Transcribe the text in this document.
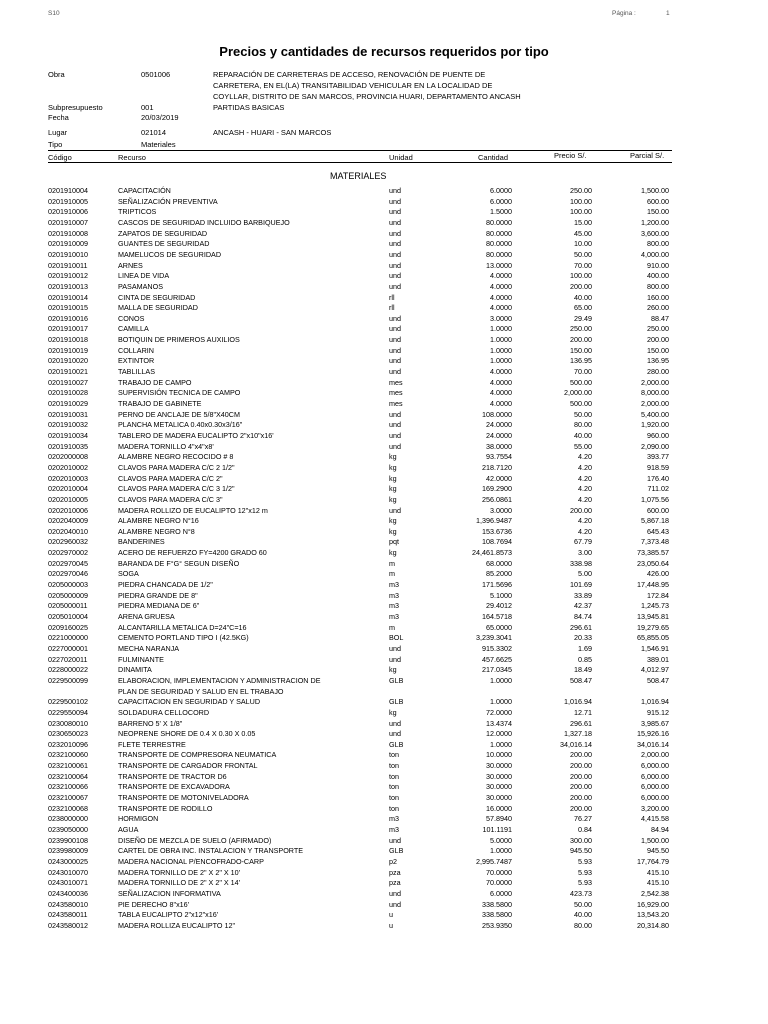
S10	Página :	1
Precios y cantidades de recursos requeridos por tipo
Obra	0501006	REPARACIÓN DE CARRETERAS DE ACCESO, RENOVACIÓN DE PUENTE DE
CARRETERA, EN EL(LA) TRANSITABILIDAD VEHICULAR EN LA LOCALIDAD DE
COYLLAR, DISTRITO DE SAN MARCOS, PROVINCIA HUARI, DEPARTAMENTO ANCASH
Subpresupuesto	001	PARTIDAS BASICAS
Fecha	20/03/2019
Lugar	021014	ANCASH - HUARI - SAN MARCOS
Tipo	Materiales
Código	Recurso	Unidad	Cantidad	Precio S/.	Parcial S/.
MATERIALES
0201910004	CAPACITACIÓN	und	6.0000	250.00	1,500.00
0201910005	SEÑALIZACIÓN PREVENTIVA	und	6.0000	100.00	600.00
0201910006	TRIPTICOS	und	1.5000	100.00	150.00
0201910007	CASCOS DE SEGURIDAD INCLUIDO BARBIQUEJO	und	80.0000	15.00	1,200.00
0201910008	ZAPATOS DE SEGURIDAD	und	80.0000	45.00	3,600.00
0201910009	GUANTES DE SEGURIDAD	und	80.0000	10.00	800.00
0201910010	MAMELUCOS DE SEGURIDAD	und	80.0000	50.00	4,000.00
0201910011	ARNES	und	13.0000	70.00	910.00
0201910012	LINEA DE VIDA	und	4.0000	100.00	400.00
0201910013	PASAMANOS	und	4.0000	200.00	800.00
0201910014	CINTA DE SEGURIDAD	rll	4.0000	40.00	160.00
0201910015	MALLA DE SEGURIDAD	rll	4.0000	65.00	260.00
0201910016	CONOS	und	3.0000	29.49	88.47
0201910017	CAMILLA	und	1.0000	250.00	250.00
0201910018	BOTIQUIN DE PRIMEROS AUXILIOS	und	1.0000	200.00	200.00
0201910019	COLLARIN	und	1.0000	150.00	150.00
0201910020	EXTINTOR	und	1.0000	136.95	136.95
0201910021	TABLILLAS	und	4.0000	70.00	280.00
0201910027	TRABAJO DE CAMPO	mes	4.0000	500.00	2,000.00
0201910028	SUPERVISIÓN TECNICA DE CAMPO	mes	4.0000	2,000.00	8,000.00
0201910029	TRABAJO DE GABINETE	mes	4.0000	500.00	2,000.00
0201910031	PERNO DE ANCLAJE DE 5/8"X40CM	und	108.0000	50.00	5,400.00
0201910032	PLANCHA METALICA 0.40x0.30x3/16"	und	24.0000	80.00	1,920.00
0201910034	TABLERO DE MADERA EUCALIPTO 2"x10"x16'	und	24.0000	40.00	960.00
0201910035	MADERA TORNILLO 4"x4"x8'	und	38.0000	55.00	2,090.00
0202000008	ALAMBRE NEGRO RECOCIDO # 8	kg	93.7554	4.20	393.77
0202010002	CLAVOS PARA MADERA C/C 2 1/2"	kg	218.7120	4.20	918.59
0202010003	CLAVOS PARA MADERA C/C 2"	kg	42.0000	4.20	176.40
0202010004	CLAVOS PARA MADERA C/C 3 1/2"	kg	169.2900	4.20	711.02
0202010005	CLAVOS PARA MADERA C/C 3"	kg	256.0861	4.20	1,075.56
0202010006	MADERA ROLLIZO DE EUCALIPTO 12"x12 m	und	3.0000	200.00	600.00
0202040009	ALAMBRE NEGRO N°16	kg	1,396.9487	4.20	5,867.18
0202040010	ALAMBRE NEGRO N°8	kg	153.6736	4.20	645.43
0202960032	BANDERINES	pqt	108.7694	67.79	7,373.48
0202970002	ACERO DE REFUERZO FY=4200 GRADO 60	kg	24,461.8573	3.00	73,385.57
0202970045	BARANDA DE F°G° SEGUN DISEÑO	m	68.0000	338.98	23,050.64
0202970046	SOGA	m	85.2000	5.00	426.00
0205000003	PIEDRA CHANCADA DE 1/2"	m3	171.5696	101.69	17,448.95
0205000009	PIEDRA GRANDE DE 8"	m3	5.1000	33.89	172.84
0205000011	PIEDRA MEDIANA DE 6"	m3	29.4012	42.37	1,245.73
0205010004	ARENA GRUESA	m3	164.5718	84.74	13,945.81
0209160025	ALCANTARILLA METALICA D=24"C=16	m	65.0000	296.61	19,279.65
0221000000	CEMENTO PORTLAND TIPO I (42.5KG)	BOL	3,239.3041	20.33	65,855.05
0227000001	MECHA NARANJA	und	915.3302	1.69	1,546.91
0227020011	FULMINANTE	und	457.6625	0.85	389.01
0228000022	DINAMITA	kg	217.0345	18.49	4,012.97
0229500099	ELABORACION, IMPLEMENTACION Y ADMINISTRACION DE	GLB	1.0000	508.47	508.47
PLAN DE SEGURIDAD Y SALUD EN EL TRABAJO
0229500102	CAPACITACION EN SEGURIDAD Y SALUD	GLB	1.0000	1,016.94	1,016.94
0229550094	SOLDADURA CELLOCORD	kg	72.0000	12.71	915.12
0230080010	BARRENO 5' X 1/8"	und	13.4374	296.61	3,985.67
0230650023	NEOPRENE SHORE DE 0.4 X 0.30 X 0.05	und	12.0000	1,327.18	15,926.16
0232010096	FLETE TERRESTRE	GLB	1.0000	34,016.14	34,016.14
0232100060	TRANSPORTE DE COMPRESORA NEUMATICA	ton	10.0000	200.00	2,000.00
0232100061	TRANSPORTE DE CARGADOR FRONTAL	ton	30.0000	200.00	6,000.00
0232100064	TRANSPORTE DE TRACTOR D6	ton	30.0000	200.00	6,000.00
0232100066	TRANSPORTE DE EXCAVADORA	ton	30.0000	200.00	6,000.00
0232100067	TRANSPORTE DE MOTONIVELADORA	ton	30.0000	200.00	6,000.00
0232100068	TRANSPORTE DE RODILLO	ton	16.0000	200.00	3,200.00
0238000000	HORMIGON	m3	57.8940	76.27	4,415.58
0239050000	AGUA	m3	101.1191	0.84	84.94
0239900108	DISEÑO DE MEZCLA DE SUELO (AFIRMADO)	und	5.0000	300.00	1,500.00
0239980009	CARTEL DE OBRA INC. INSTALACION Y TRANSPORTE	GLB	1.0000	945.50	945.50
0243000025	MADERA NACIONAL P/ENCOFRADO-CARP	p2	2,995.7487	5.93	17,764.79
0243010070	MADERA TORNILLO DE 2" X 2" X 10'	pza	70.0000	5.93	415.10
0243010071	MADERA TORNILLO DE 2" X 2" X 14'	pza	70.0000	5.93	415.10
0243400036	SEÑALIZACION INFORMATIVA	und	6.0000	423.73	2,542.38
0243580010	PIE DERECHO 8"x16'	und	338.5800	50.00	16,929.00
0243580011	TABLA EUCALIPTO 2"x12"x16'	u	338.5800	40.00	13,543.20
0243580012	MADERA ROLLIZA EUCALIPTO 12"	u	253.9350	80.00	20,314.80
